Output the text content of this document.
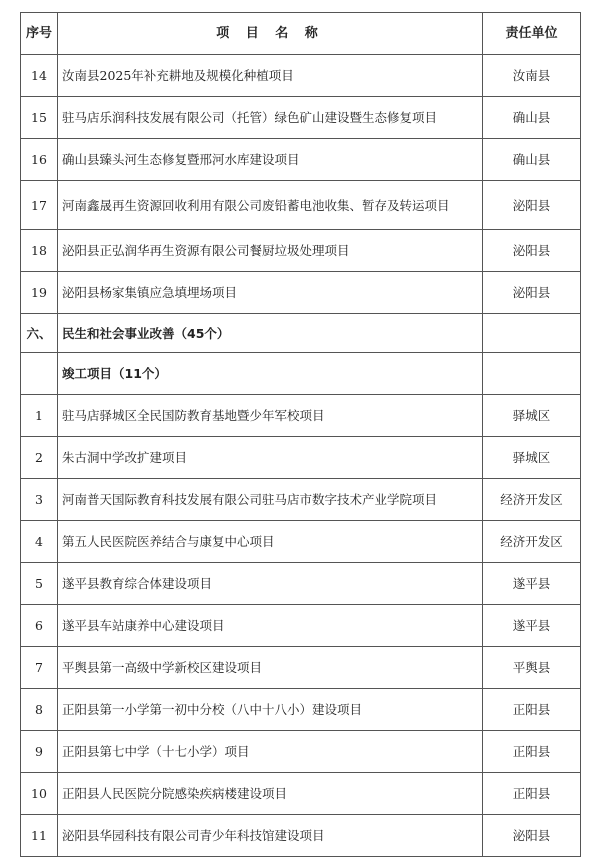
序号	项 目 名 称	责任单位
14	汝南县2025年补充耕地及规模化种植项目	汝南县
15	驻马店乐润科技发展有限公司（托管）绿色矿山建设暨生态修复项目	确山县
16	确山县臻头河生态修复暨邢河水库建设项目	确山县
17	河南鑫晟再生资源回收利用有限公司废铅蓄电池收集、暂存及转运项目	泌阳县
18	泌阳县正弘润华再生资源有限公司餐厨垃圾处理项目	泌阳县
19	泌阳县杨家集镇应急填埋场项目	泌阳县
六、	民生和社会事业改善（45个）	
	竣工项目（11个）	
1	驻马店驿城区全民国防教育基地暨少年军校项目	驿城区
2	朱古洞中学改扩建项目	驿城区
3	河南普天国际教育科技发展有限公司驻马店市数字技术产业学院项目	经济开发区
4	第五人民医院医养结合与康复中心项目	经济开发区
5	遂平县教育综合体建设项目	遂平县
6	遂平县车站康养中心建设项目	遂平县
7	平舆县第一高级中学新校区建设项目	平舆县
8	正阳县第一小学第一初中分校（八中十八小）建设项目	正阳县
9	正阳县第七中学（十七小学）项目	正阳县
10	正阳县人民医院分院感染疾病楼建设项目	正阳县
11	泌阳县华园科技有限公司青少年科技馆建设项目	泌阳县
